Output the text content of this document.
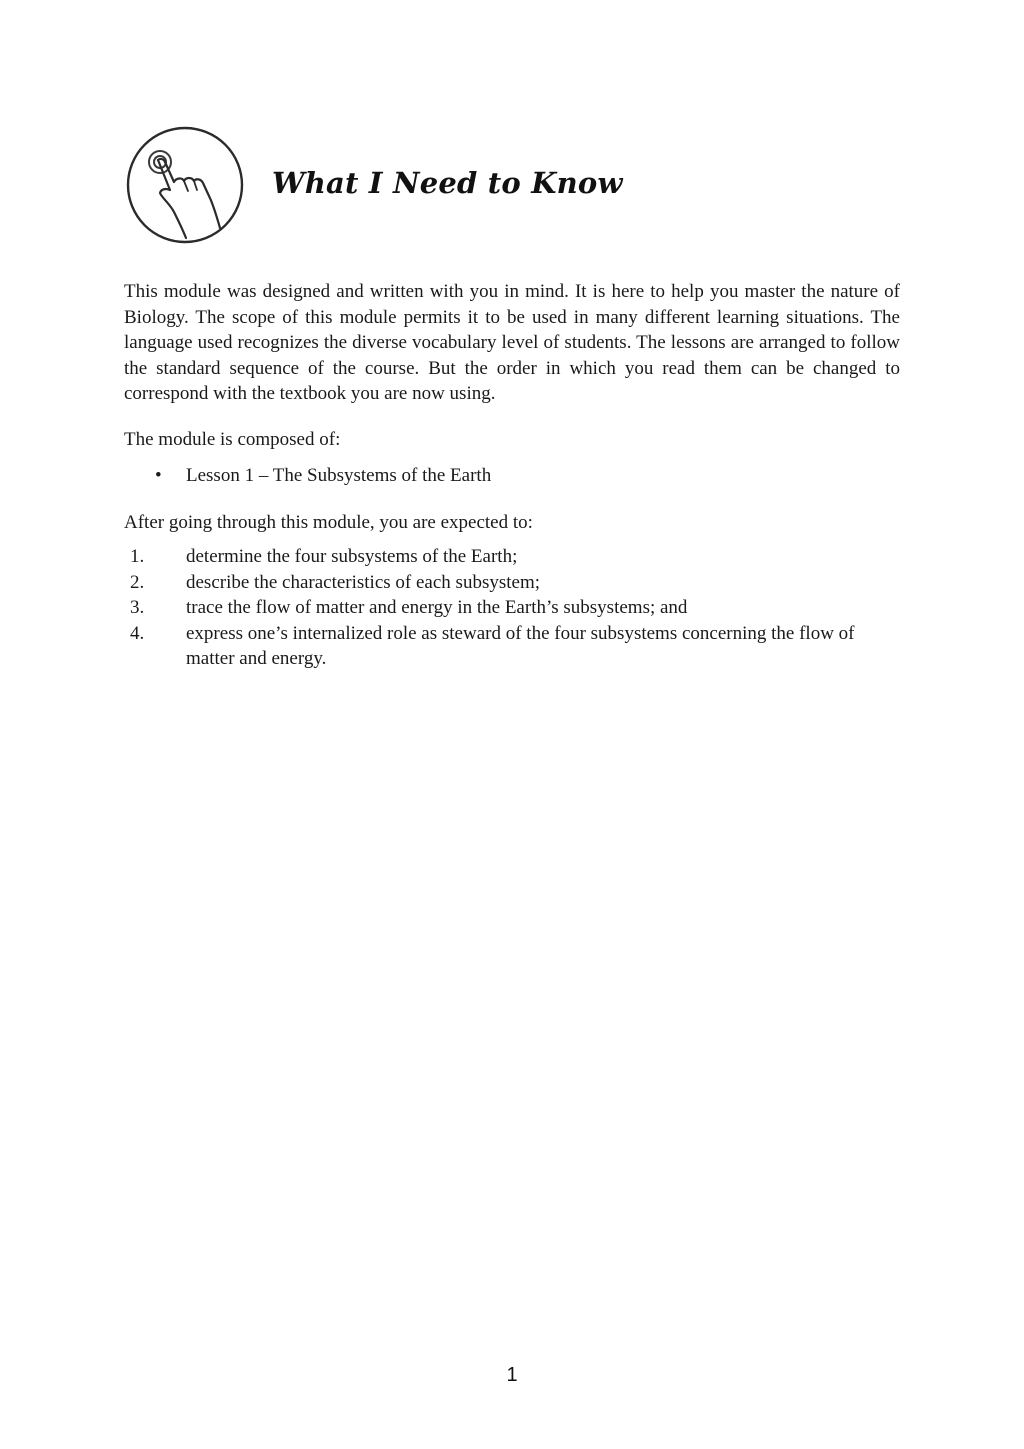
What I Need to Know

This module was designed and written with you in mind. It is here to help you master the nature of Biology. The scope of this module permits it to be used in many different learning situations. The language used recognizes the diverse vocabulary level of students. The lessons are arranged to follow the standard sequence of the course. But the order in which you read them can be changed to correspond with the textbook you are now using.

The module is composed of:

• Lesson 1 – The Subsystems of the Earth

After going through this module, you are expected to:

1.	determine the four subsystems of the Earth;
2.	describe the characteristics of each subsystem;
3.	trace the flow of matter and energy in the Earth’s subsystems; and
4.	express one’s internalized role as steward of the four subsystems concerning the flow of matter and energy.
1
